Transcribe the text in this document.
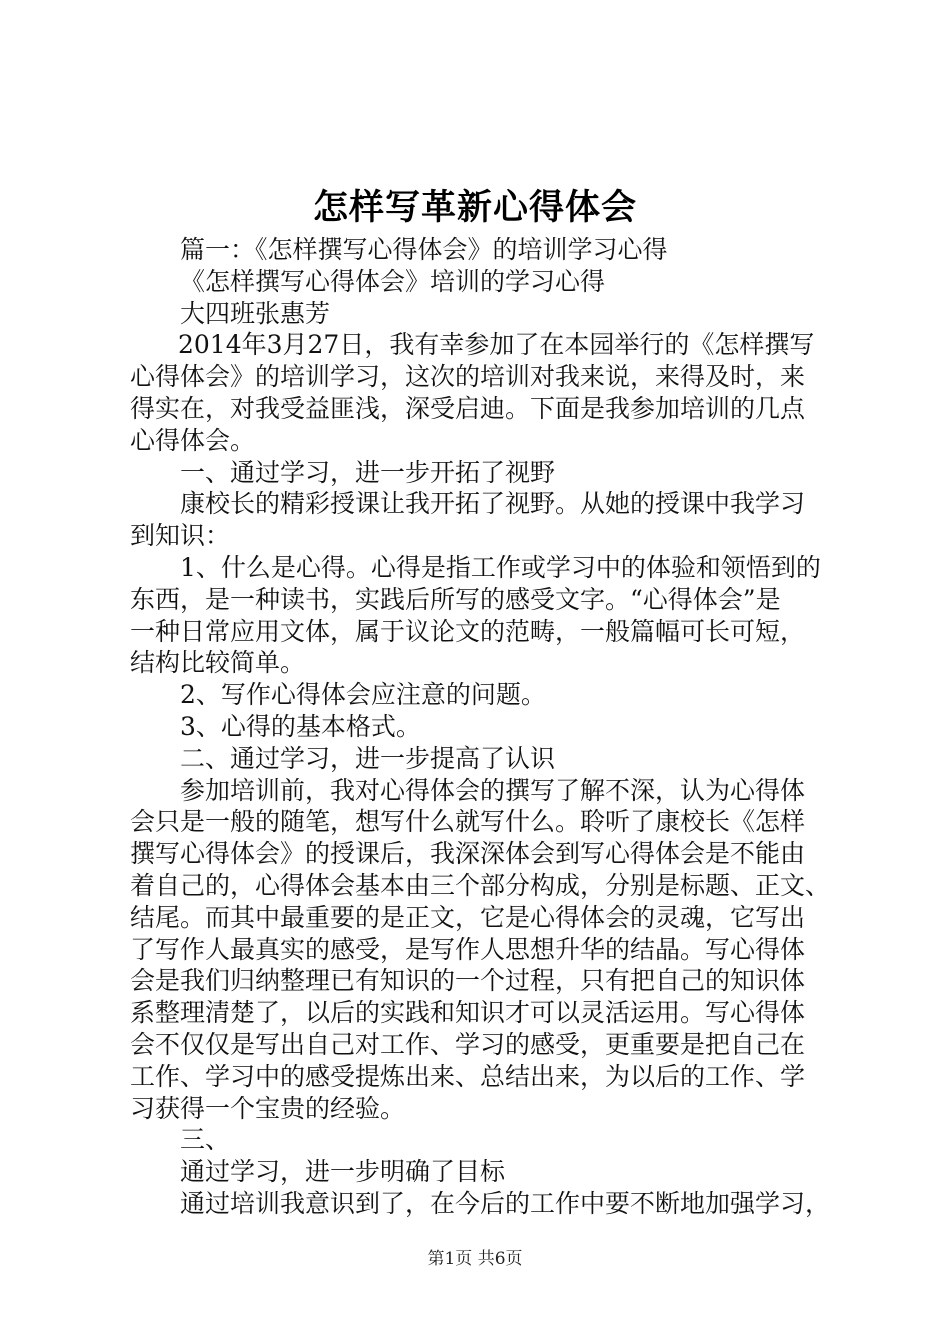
怎样写革新心得体会
篇一：《怎样撰写心得体会》的培训学习心得
《怎样撰写心得体会》培训的学习心得
大四班张惠芳
2014年3月27日，我有幸参加了在本园举行的《怎样撰写
心得体会》的培训学习，这次的培训对我来说，来得及时，来
得实在，对我受益匪浅，深受启迪。下面是我参加培训的几点
心得体会。
一、通过学习，进一步开拓了视野
康校长的精彩授课让我开拓了视野。从她的授课中我学习
到知识：
1、什么是心得。心得是指工作或学习中的体验和领悟到的
东西，是一种读书，实践后所写的感受文字。“心得体会”是
一种日常应用文体，属于议论文的范畴，一般篇幅可长可短，
结构比较简单。
2、写作心得体会应注意的问题。
3、心得的基本格式。
二、通过学习，进一步提高了认识
参加培训前，我对心得体会的撰写了解不深，认为心得体
会只是一般的随笔，想写什么就写什么。聆听了康校长《怎样
撰写心得体会》的授课后，我深深体会到写心得体会是不能由
着自己的，心得体会基本由三个部分构成，分别是标题、正文、
结尾。而其中最重要的是正文，它是心得体会的灵魂，它写出
了写作人最真实的感受，是写作人思想升华的结晶。写心得体
会是我们归纳整理已有知识的一个过程，只有把自己的知识体
系整理清楚了，以后的实践和知识才可以灵活运用。写心得体
会不仅仅是写出自己对工作、学习的感受，更重要是把自己在
工作、学习中的感受提炼出来、总结出来，为以后的工作、学
习获得一个宝贵的经验。
三、
通过学习，进一步明确了目标
通过培训我意识到了，在今后的工作中要不断地加强学习，
第1页 共6页
